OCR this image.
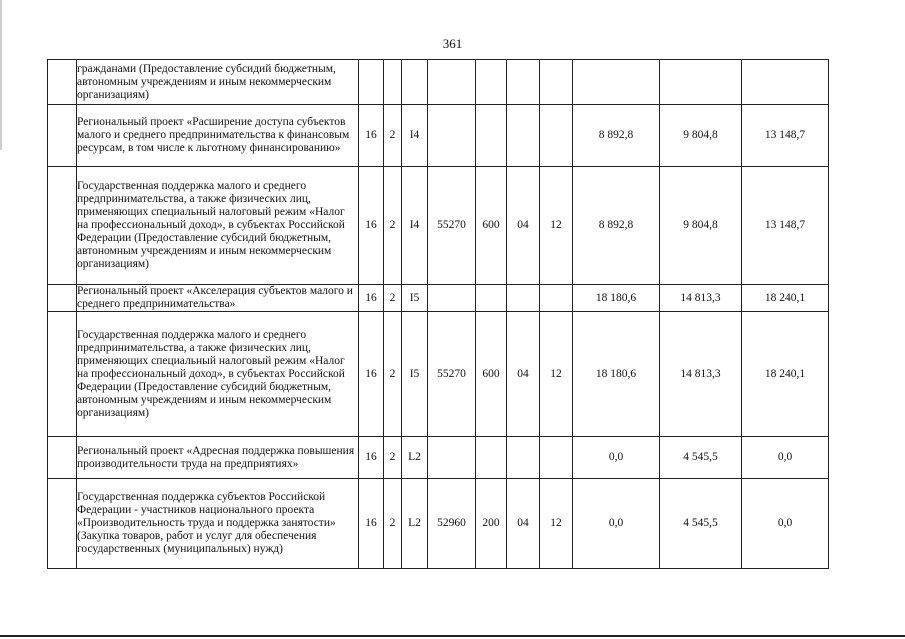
361
	гражданами (Предоставление субсидий бюджетным, автономным учреждениям и иным некоммерческим организациям)										
	Региональный проект «Расширение доступа субъектов малого и среднего предпринимательства к финансовым ресурсам, в том числе к льготному финансированию»	16	2	I4					8 892,8	9 804,8	13 148,7
	Государственная поддержка малого и среднего предпринимательства, а также физических лиц, применяющих специальный налоговый режим «Налог на профессиональный доход», в субъектах Российской Федерации (Предоставление субсидий бюджетным, автономным учреждениям и иным некоммерческим организациям)	16	2	I4	55270	600	04	12	8 892,8	9 804,8	13 148,7
	Региональный проект «Акселерация субъектов малого и среднего предпринимательства»	16	2	I5					18 180,6	14 813,3	18 240,1
	Государственная поддержка малого и среднего предпринимательства, а также физических лиц, применяющих специальный налоговый режим «Налог на профессиональный доход», в субъектах Российской Федерации (Предоставление субсидий бюджетным, автономным учреждениям и иным некоммерческим организациям)	16	2	I5	55270	600	04	12	18 180,6	14 813,3	18 240,1
	Региональный проект «Адресная поддержка повышения производительности труда на предприятиях»	16	2	L2					0,0	4 545,5	0,0
	Государственная поддержка субъектов Российской Федерации - участников национального проекта «Производительность труда и поддержка занятости» (Закупка товаров, работ и услуг для обеспечения государственных (муниципальных) нужд)	16	2	L2	52960	200	04	12	0,0	4 545,5	0,0
